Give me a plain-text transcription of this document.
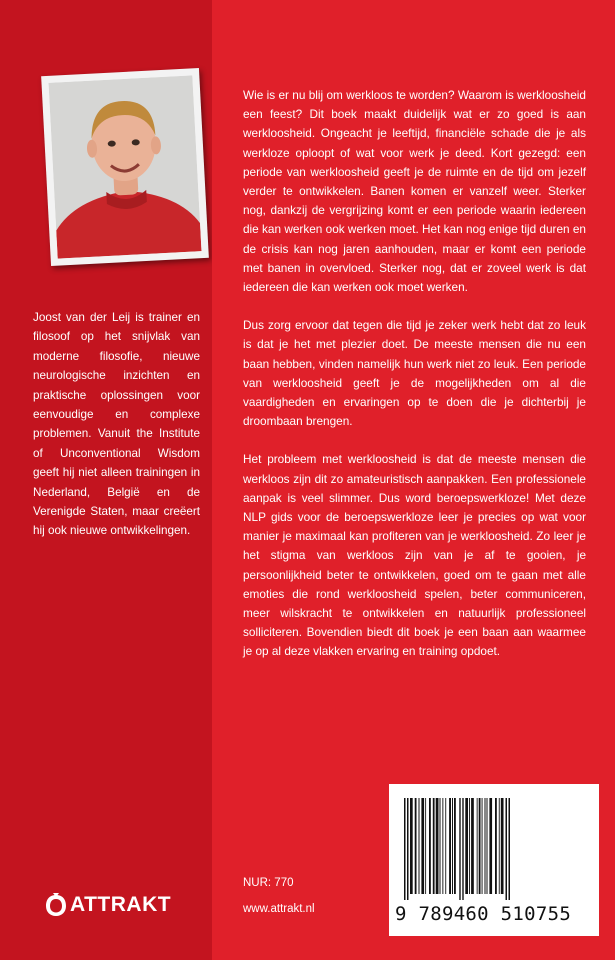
Joost van der Leij is trainer en filosoof op het snijvlak van moderne filosofie, nieuwe neurologische inzichten en praktische oplossingen voor eenvoudige en complexe problemen. Vanuit the Institute of Unconventional Wisdom geeft hij niet alleen trainingen in Nederland, België en de Verenigde Staten, maar creëert hij ook nieuwe ontwikkelingen.

ATTRAKT

Wie is er nu blij om werkloos te worden? Waarom is werkloosheid een feest? Dit boek maakt duidelijk wat er zo goed is aan werkloosheid. Ongeacht je leeftijd, financiële schade die je als werkloze oploopt of wat voor werk je deed. Kort gezegd: een periode van werkloosheid geeft je de ruimte en de tijd om jezelf verder te ontwikkelen. Banen komen er vanzelf weer. Sterker nog, dankzij de vergrijzing komt er een periode waarin iedereen die kan werken ook werken moet. Het kan nog enige tijd duren en de crisis kan nog jaren aanhouden, maar er komt een periode met banen in overvloed. Sterker nog, dat er zoveel werk is dat iedereen die kan werken ook moet werken.

Dus zorg ervoor dat tegen die tijd je zeker werk hebt dat zo leuk is dat je het met plezier doet. De meeste mensen die nu een baan hebben, vinden namelijk hun werk niet zo leuk. Een periode van werkloosheid geeft je de mogelijkheden om al die vaardigheden en ervaringen op te doen die je dichterbij je droombaan brengen.

Het probleem met werkloosheid is dat de meeste mensen die werkloos zijn dit zo amateuristisch aanpakken. Een professionele aanpak is veel slimmer. Dus word beroepswerkloze! Met deze NLP gids voor de beroepswerkloze leer je precies op wat voor manier je maximaal kan profiteren van je werkloosheid. Zo leer je het stigma van werkloos zijn van je af te gooien, je persoonlijkheid beter te ontwikkelen, goed om te gaan met alle emoties die rond werkloosheid spelen, beter communiceren, meer wilskracht te ontwikkelen en natuurlijk professioneel solliciteren. Bovendien biedt dit boek je een baan aan waarmee je op al deze vlakken ervaring en training opdoet.

NUR: 770
www.attrakt.nl	9 789460 510755
